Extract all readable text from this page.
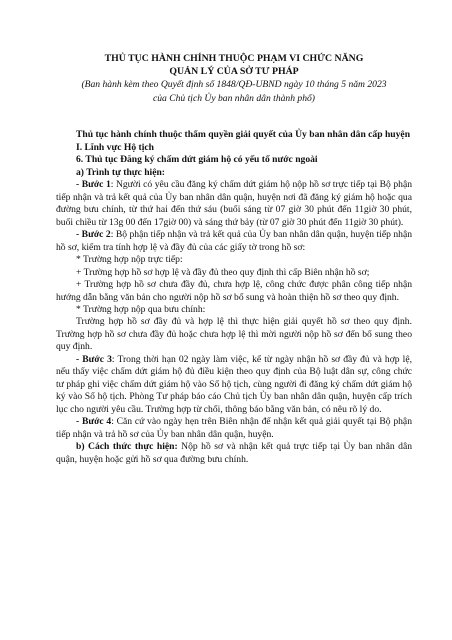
THỦ TỤC HÀNH CHÍNH THUỘC PHẠM VI CHỨC NĂNG
QUẢN LÝ CỦA SỞ TƯ PHÁP
(Ban hành kèm theo Quyết định số 1848/QĐ-UBND ngày 10 tháng 5 năm 2023
của Chủ tịch Ủy ban nhân dân thành phố)

Thủ tục hành chính thuộc thẩm quyền giải quyết của Ủy ban nhân dân cấp huyện

I. Lĩnh vực Hộ tịch

6. Thủ tục Đăng ký chấm dứt giám hộ có yếu tố nước ngoài

a) Trình tự thực hiện:

- Bước 1: Người có yêu cầu đăng ký chấm dứt giám hộ nộp hồ sơ trực tiếp tại Bộ phận tiếp nhận và trả kết quả của Ủy ban nhân dân quận, huyện nơi đã đăng ký giám hộ hoặc qua đường bưu chính, từ thứ hai đến thứ sáu (buổi sáng từ 07 giờ 30 phút đến 11giờ 30 phút, buổi chiều từ 13g 00 đến 17giờ 00) và sáng thứ bảy (từ 07 giờ 30 phút đến 11giờ 30 phút).

- Bước 2: Bộ phận tiếp nhận và trả kết quả của Ủy ban nhân dân quận, huyện tiếp nhận hồ sơ, kiểm tra tính hợp lệ và đầy đủ của các giấy tờ trong hồ sơ:

* Trường hợp nộp trực tiếp:

+ Trường hợp hồ sơ hợp lệ và đầy đủ theo quy định thì cấp Biên nhận hồ sơ;

+ Trường hợp hồ sơ chưa đầy đủ, chưa hợp lệ, công chức được phân công tiếp nhận hướng dẫn bằng văn bản cho người nộp hồ sơ bổ sung và hoàn thiện hồ sơ theo quy định.

* Trường hợp nộp qua bưu chính:

Trường hợp hồ sơ đầy đủ và hợp lệ thì thực hiện giải quyết hồ sơ theo quy định. Trường hợp hồ sơ chưa đầy đủ hoặc chưa hợp lệ thì mời người nộp hồ sơ đến bổ sung theo quy định.

- Bước 3: Trong thời hạn 02 ngày làm việc, kể từ ngày nhận hồ sơ đầy đủ và hợp lệ, nếu thấy việc chấm dứt giám hộ đủ điều kiện theo quy định của Bộ luật dân sự, công chức tư pháp ghi việc chấm dứt giám hộ vào Sổ hộ tịch, cùng người đi đăng ký chấm dứt giám hộ ký vào Sổ hộ tịch. Phòng Tư pháp báo cáo Chủ tịch Ủy ban nhân dân quận, huyện cấp trích lục cho người yêu cầu. Trường hợp từ chối, thông báo bằng văn bản, có nêu rõ lý do.

- Bước 4: Căn cứ vào ngày hẹn trên Biên nhận để nhận kết quả giải quyết tại Bộ phận tiếp nhận và trả hồ sơ của Ủy ban nhân dân quận, huyện.

b) Cách thức thực hiện: Nộp hồ sơ và nhận kết quả trực tiếp tại Ủy ban nhân dân quận, huyện hoặc gửi hồ sơ qua đường bưu chính.
